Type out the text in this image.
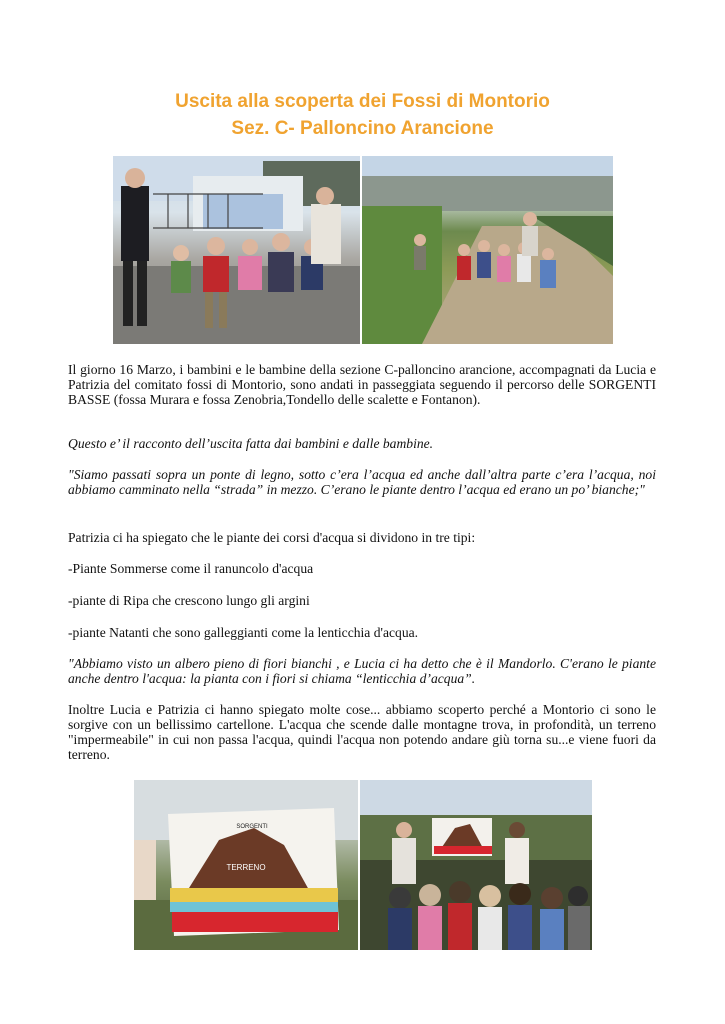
Uscita alla scoperta dei Fossi di Montorio
Sez. C- Palloncino Arancione

Il giorno 16 Marzo, i bambini e le bambine della sezione C-palloncino arancione, accompagnati da Lucia e Patrizia del comitato fossi di Montorio, sono andati in passeggiata seguendo il percorso delle SORGENTI BASSE (fossa Murara e fossa Zenobria,Tondello delle scalette e Fontanon).

Questo e’ il racconto dell’uscita fatta dai bambini e dalle bambine.

"Siamo passati sopra un ponte di legno, sotto c’era l’acqua ed anche dall’altra parte c’era l’acqua, noi abbiamo camminato nella “strada” in mezzo. C’erano le piante dentro l’acqua ed erano un po’ bianche;"

Patrizia ci ha spiegato che le piante dei corsi d'acqua si dividono in tre tipi:

-Piante Sommerse come il ranuncolo d'acqua

-piante di Ripa che crescono lungo gli argini

-piante Natanti che sono galleggianti come la lenticchia d'acqua.

"Abbiamo visto un albero pieno di fiori bianchi , e Lucia ci ha detto che è il Mandorlo. C'erano le piante anche dentro l'acqua: la pianta con i fiori si chiama “lenticchia d’acqua”.

Inoltre Lucia e Patrizia ci hanno spiegato molte cose... abbiamo scoperto perché a Montorio ci sono le sorgive con un bellissimo cartellone. L'acqua che scende dalle montagne trova, in profondità, un terreno "impermeabile" in cui non passa l'acqua, quindi l'acqua non potendo andare giù torna su...e viene fuori da terreno.

TERRENO
SORGENTI
